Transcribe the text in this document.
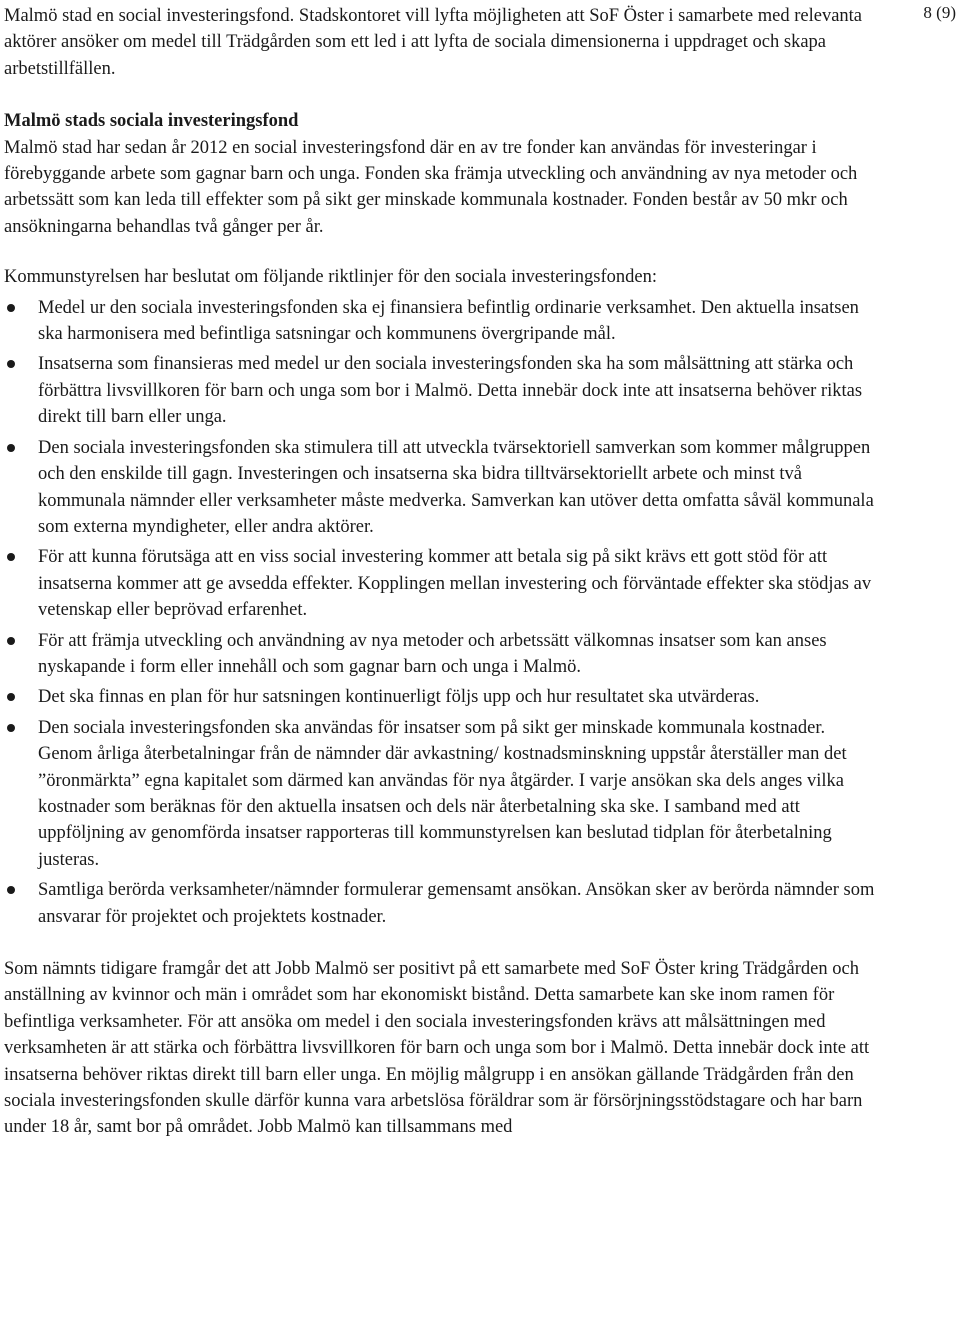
8 (9)

Malmö stad en social investeringsfond. Stadskontoret vill lyfta möjligheten att SoF Öster i samarbete med relevanta aktörer ansöker om medel till Trädgården som ett led i att lyfta de sociala dimensionerna i uppdraget och skapa arbetstillfällen.

Malmö stads sociala investeringsfond

Malmö stad har sedan år 2012 en social investeringsfond där en av tre fonder kan användas för investeringar i förebyggande arbete som gagnar barn och unga. Fonden ska främja utveckling och användning av nya metoder och arbetssätt som kan leda till effekter som på sikt ger minskade kommunala kostnader. Fonden består av 50 mkr och ansökningarna behandlas två gånger per år.

Kommunstyrelsen har beslutat om följande riktlinjer för den sociala investeringsfonden:

Medel ur den sociala investeringsfonden ska ej finansiera befintlig ordinarie verksamhet. Den aktuella insatsen ska harmonisera med befintliga satsningar och kommunens övergripande mål.
Insatserna som finansieras med medel ur den sociala investeringsfonden ska ha som målsättning att stärka och förbättra livsvillkoren för barn och unga som bor i Malmö. Detta innebär dock inte att insatserna behöver riktas direkt till barn eller unga.
Den sociala investeringsfonden ska stimulera till att utveckla tvärsektoriell samverkan som kommer målgruppen och den enskilde till gagn. Investeringen och insatserna ska bidra tilltvärsektoriellt arbete och minst två kommunala nämnder eller verksamheter måste medverka. Samverkan kan utöver detta omfatta såväl kommunala som externa myndigheter, eller andra aktörer.
För att kunna förutsäga att en viss social investering kommer att betala sig på sikt krävs ett gott stöd för att insatserna kommer att ge avsedda effekter. Kopplingen mellan investering och förväntade effekter ska stödjas av vetenskap eller beprövad erfarenhet.
För att främja utveckling och användning av nya metoder och arbetssätt välkomnas insatser som kan anses nyskapande i form eller innehåll och som gagnar barn och unga i Malmö.
Det ska finnas en plan för hur satsningen kontinuerligt följs upp och hur resultatet ska utvärderas.
Den sociala investeringsfonden ska användas för insatser som på sikt ger minskade kommunala kostnader. Genom årliga återbetalningar från de nämnder där avkastning/ kostnadsminskning uppstår återställer man det ”öronmärkta” egna kapitalet som därmed kan användas för nya åtgärder. I varje ansökan ska dels anges vilka kostnader som beräknas för den aktuella insatsen och dels när återbetalning ska ske. I samband med att uppföljning av genomförda insatser rapporteras till kommunstyrelsen kan beslutad tidplan för återbetalning justeras.
Samtliga berörda verksamheter/nämnder formulerar gemensamt ansökan. Ansökan sker av berörda nämnder som ansvarar för projektet och projektets kostnader.

Som nämnts tidigare framgår det att Jobb Malmö ser positivt på ett samarbete med SoF Öster kring Trädgården och anställning av kvinnor och män i området som har ekonomiskt bistånd. Detta samarbete kan ske inom ramen för befintliga verksamheter. För att ansöka om medel i den sociala investeringsfonden krävs att målsättningen med verksamheten är att stärka och förbättra livsvillkoren för barn och unga som bor i Malmö. Detta innebär dock inte att insatserna behöver riktas direkt till barn eller unga. En möjlig målgrupp i en ansökan gällande Trädgården från den sociala investeringsfonden skulle därför kunna vara arbetslösa föräldrar som är försörjningsstödstagare och har barn under 18 år, samt bor på området. Jobb Malmö kan tillsammans med
